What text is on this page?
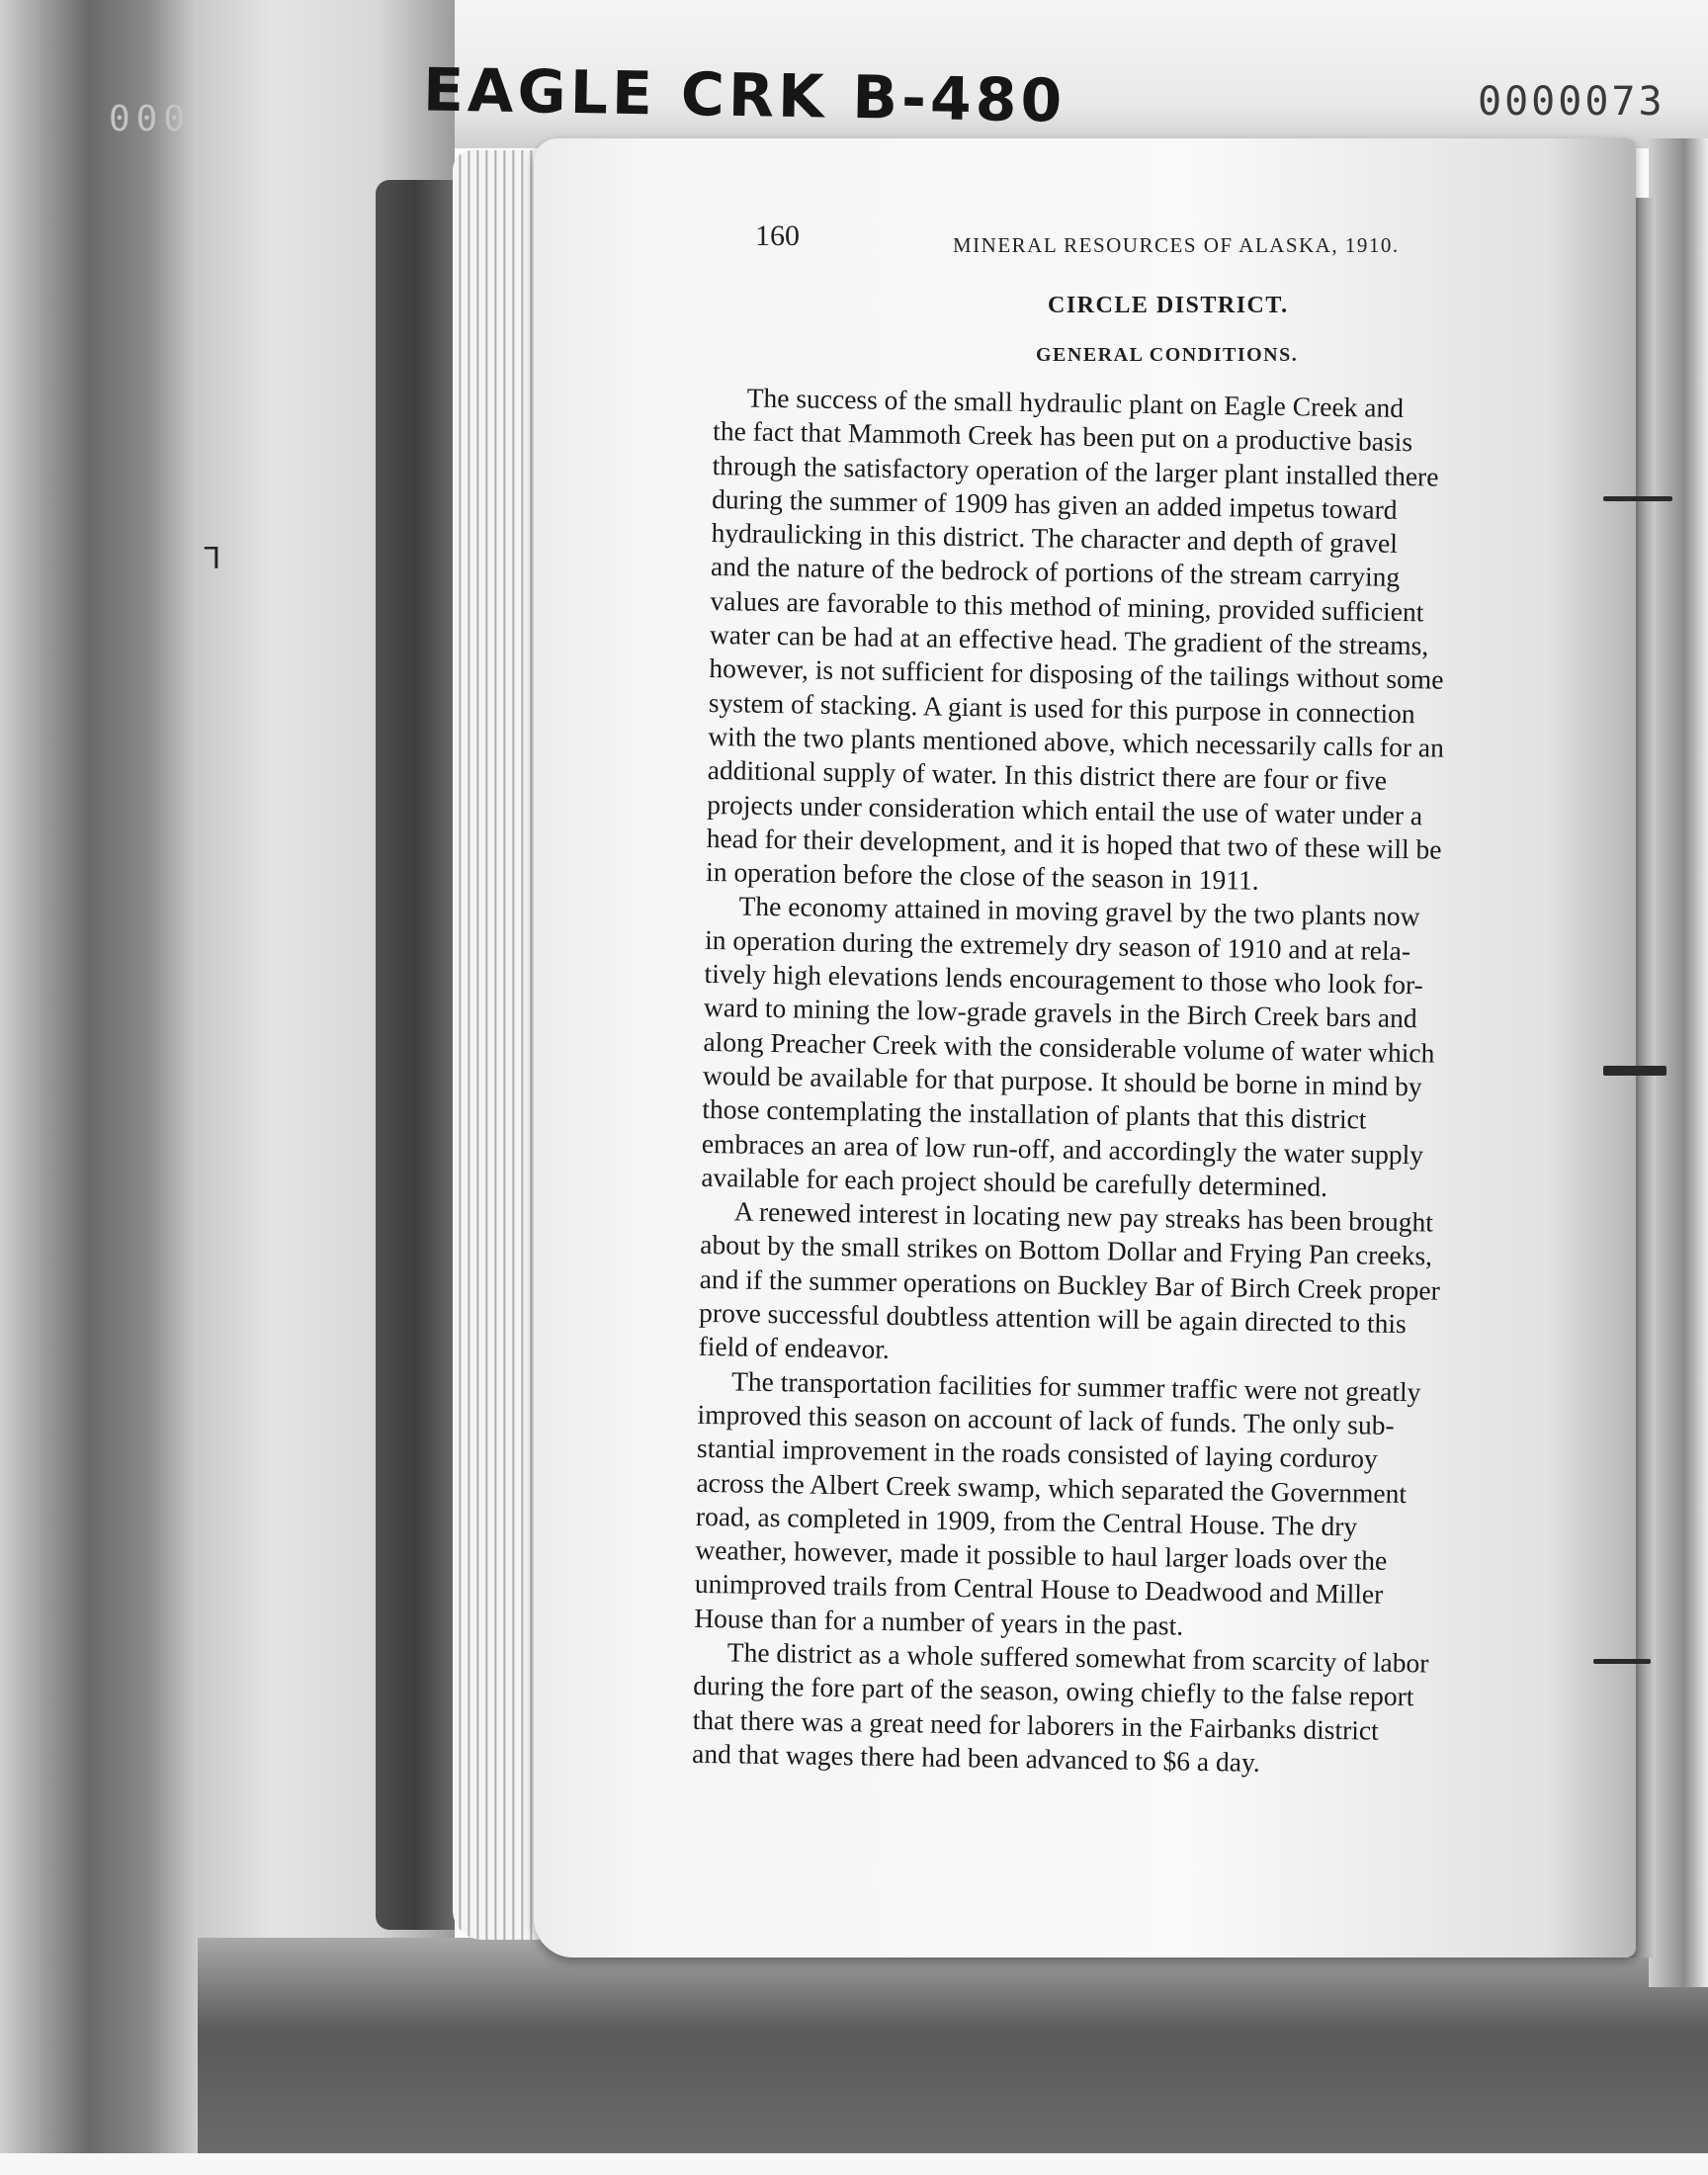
000	EAGLE CRK B-480	0000073
ᒣ
160	MINERAL RESOURCES OF ALASKA, 1910.
CIRCLE DISTRICT.
GENERAL CONDITIONS.

The success of the small hydraulic plant on Eagle Creek and
the fact that Mammoth Creek has been put on a productive basis
through the satisfactory operation of the larger plant installed there
during the summer of 1909 has given an added impetus toward
hydraulicking in this district. The character and depth of gravel
and the nature of the bedrock of portions of the stream carrying
values are favorable to this method of mining, provided sufficient
water can be had at an effective head. The gradient of the streams,
however, is not sufficient for disposing of the tailings without some
system of stacking. A giant is used for this purpose in connection
with the two plants mentioned above, which necessarily calls for an
additional supply of water. In this district there are four or five
projects under consideration which entail the use of water under a
head for their development, and it is hoped that two of these will be
in operation before the close of the season in 1911.

The economy attained in moving gravel by the two plants now
in operation during the extremely dry season of 1910 and at rela-
tively high elevations lends encouragement to those who look for-
ward to mining the low-grade gravels in the Birch Creek bars and
along Preacher Creek with the considerable volume of water which
would be available for that purpose. It should be borne in mind by
those contemplating the installation of plants that this district
embraces an area of low run-off, and accordingly the water supply
available for each project should be carefully determined.

A renewed interest in locating new pay streaks has been brought
about by the small strikes on Bottom Dollar and Frying Pan creeks,
and if the summer operations on Buckley Bar of Birch Creek proper
prove successful doubtless attention will be again directed to this
field of endeavor.

The transportation facilities for summer traffic were not greatly
improved this season on account of lack of funds. The only sub-
stantial improvement in the roads consisted of laying corduroy
across the Albert Creek swamp, which separated the Government
road, as completed in 1909, from the Central House. The dry
weather, however, made it possible to haul larger loads over the
unimproved trails from Central House to Deadwood and Miller
House than for a number of years in the past.

The district as a whole suffered somewhat from scarcity of labor
during the fore part of the season, owing chiefly to the false report
that there was a great need for laborers in the Fairbanks district
and that wages there had been advanced to $6 a day.
